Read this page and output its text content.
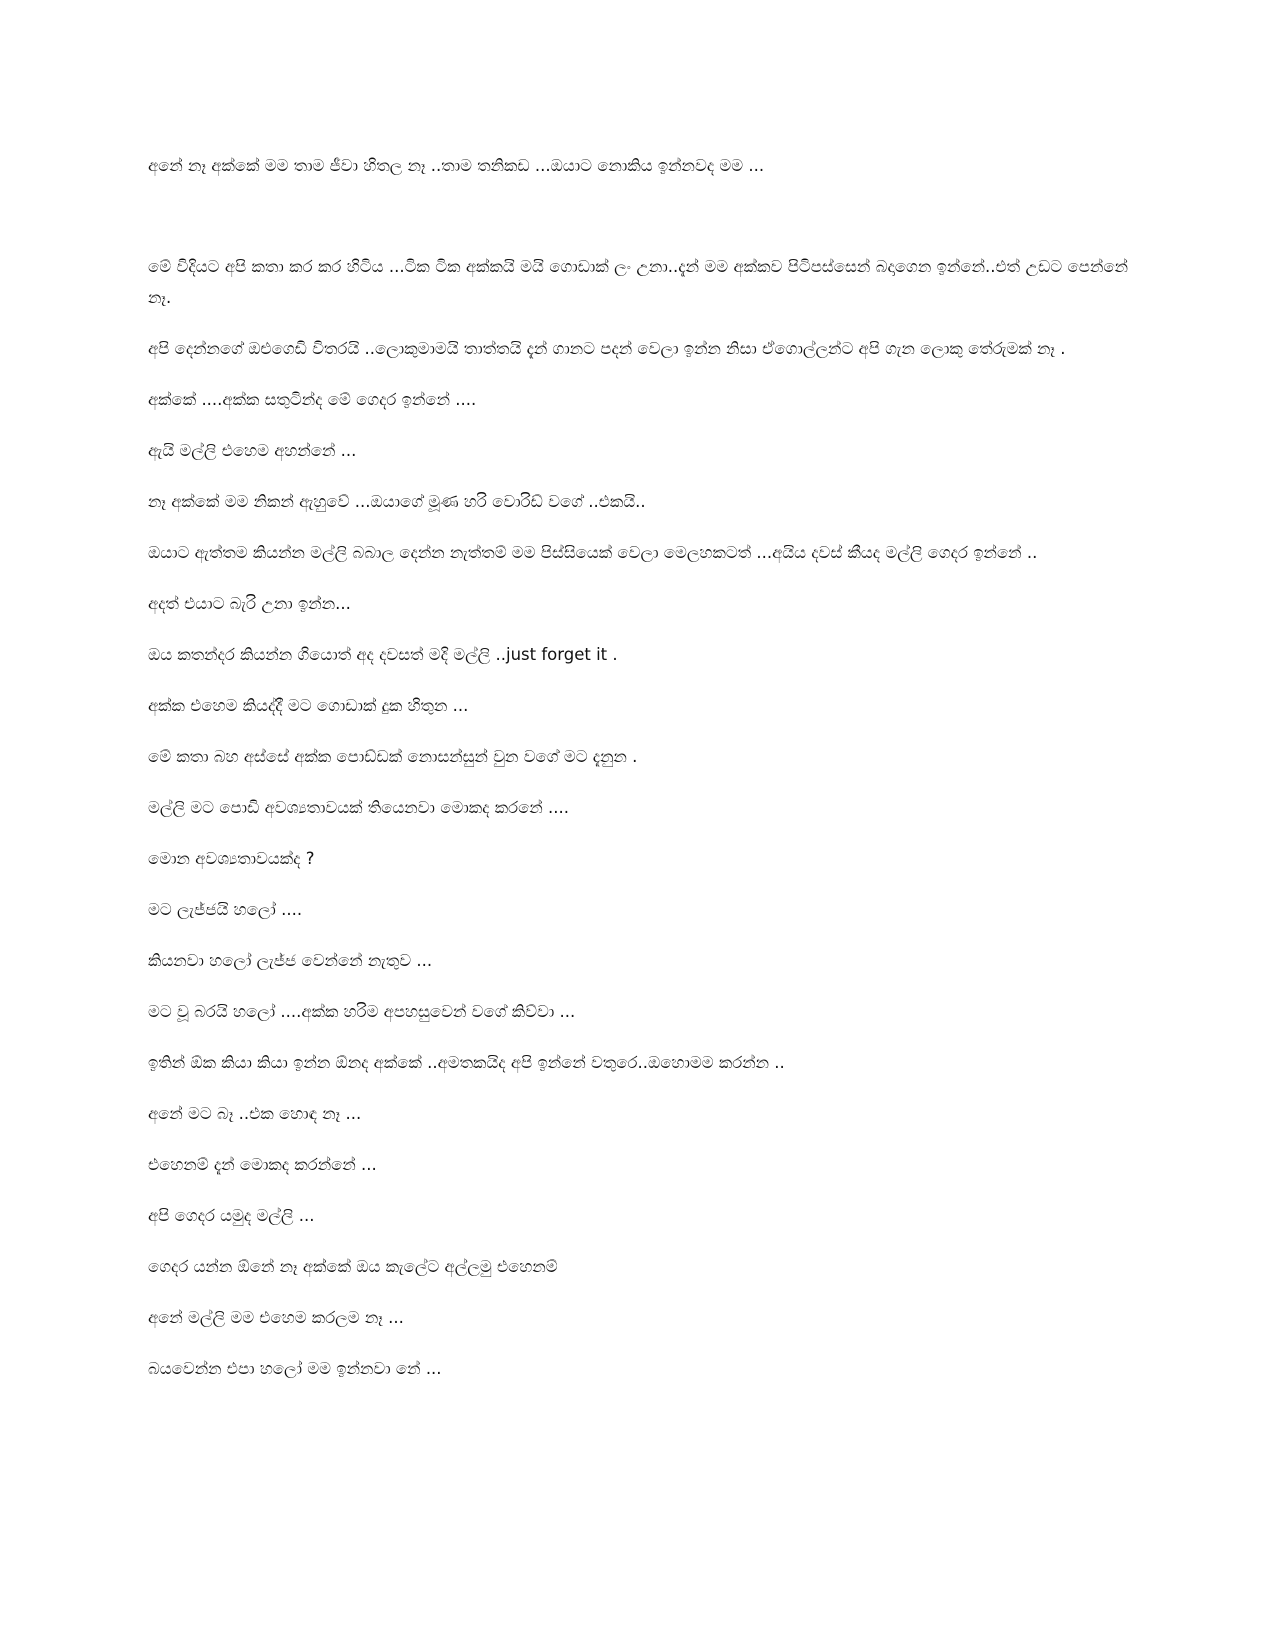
අනේ නෑ අක්කේ මම තාම ජීවා හිතල නෑ ..තාම තනිකඩ ...ඔයාට නොකිය ඉන්නවද මම ...

මේ විදියට අපි කතා කර කර හිටිය ...ටික ටික අක්කයි මයි ගොඩාක් ලං උනා..දැන් මම අක්කව පිටිපස්සෙන් බදාගෙන ඉන්නේ..එත් උඩට පෙන්නේ නෑ.

අපි දෙන්නගේ ඔළුගෙඩි විතරයි ..ලොකුමාමයි තාත්තයි දැන් ගානට පදන් වෙලා ඉන්න නිසා ඒගොල්ලන්ට අපි ගැන ලොකු තේරුමක් නෑ .

අක්කේ ....අක්ක සතුටින්ද මේ ගෙදර ඉන්නේ ....

ඇයි මල්ලි එහෙම අහන්නේ ...

නෑ අක්කේ මම නිකන් ඇහුවේ ...ඔයාගේ මූණ හරි වොරිඩ් වගේ ..එකයි..

ඔයාට ඇත්තම කියන්න මල්ලි බබාල දෙන්න නැත්තම් මම පිස්සියෙක් වෙලා මෙලහකටත් ...අයිය දවස් කීයද මල්ලි ගෙදර ඉන්නේ ..

අදත් එයාට බැරි උනා ඉන්න...

ඔය කතන්දර කියන්න ගියොත් අද දවසත් මදි මල්ලි ..just forget it .

අක්ක එහෙම කියද්දී මට ගොඩාක් දුක හිතුන ...

මේ කතා බහ අස්සේ අක්ක පොඩ්ඩක් නොසන්සුන් වුන වගේ මට දැනුන .

මල්ලි මට පොඩි අවශ්‍යතාවයක් තියෙනවා මොකද කරනේ ....

මොන අවශ්‍යතාවයක්ද ?

මට ලැජ්ජයි හලෝ ....

කියනවා හලෝ ලැජ්ජ වෙන්නේ නැතුව ...

මට වූ බරයි හලෝ ....අක්ක හරිම අපහසුවෙන් වගේ කිව්වා ...

ඉතින් ඕක කියා කියා ඉන්න ඕනද අක්කේ ..අමතකයිද අපි ඉන්නේ වතුරෙ..ඔහොමම කරන්න ..

අනේ මට බෑ ..එක හොඳ නෑ ...

එහෙනම් දැන් මොකද කරන්නේ ...

අපි ගෙදර යමුද මල්ලි ...

ගෙදර යන්න ඕනේ නෑ අක්කේ ඔය කැලේට අල්ලමු එහෙනම්

අනේ මල්ලි මම එහෙම කරලම නෑ ...

බයවෙන්න එපා හලෝ මම ඉන්නවා නේ ...
